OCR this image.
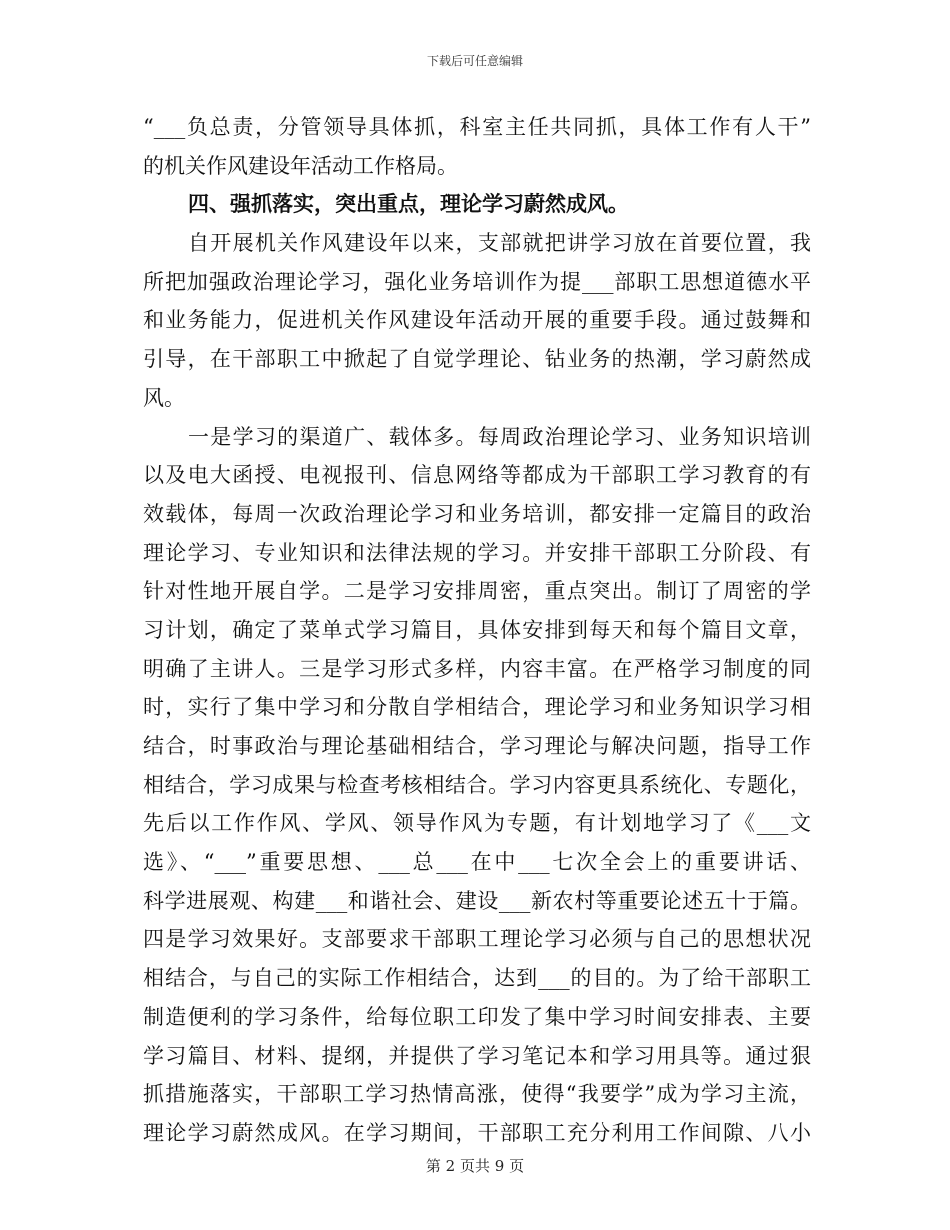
下载后可任意编辑
“___负总责，分管领导具体抓，科室主任共同抓，具体工作有人干”
的机关作风建设年活动工作格局。
四、强抓落实，突出重点，理论学习蔚然成风。
自开展机关作风建设年以来，支部就把讲学习放在首要位置，我
所把加强政治理论学习，强化业务培训作为提___部职工思想道德水平
和业务能力，促进机关作风建设年活动开展的重要手段。通过鼓舞和
引导，在干部职工中掀起了自觉学理论、钻业务的热潮，学习蔚然成
风。
一是学习的渠道广、载体多。每周政治理论学习、业务知识培训
以及电大函授、电视报刊、信息网络等都成为干部职工学习教育的有
效载体，每周一次政治理论学习和业务培训，都安排一定篇目的政治
理论学习、专业知识和法律法规的学习。并安排干部职工分阶段、有
针对性地开展自学。二是学习安排周密，重点突出。制订了周密的学
习计划，确定了菜单式学习篇目，具体安排到每天和每个篇目文章，
明确了主讲人。三是学习形式多样，内容丰富。在严格学习制度的同
时，实行了集中学习和分散自学相结合，理论学习和业务知识学习相
结合，时事政治与理论基础相结合，学习理论与解决问题，指导工作
相结合，学习成果与检查考核相结合。学习内容更具系统化、专题化，
先后以工作作风、学风、领导作风为专题，有计划地学习了《___文
选》、“___”重要思想、___总___在中___七次全会上的重要讲话、
科学进展观、构建___和谐社会、建设___新农村等重要论述五十于篇。
四是学习效果好。支部要求干部职工理论学习必须与自己的思想状况
相结合，与自己的实际工作相结合，达到___的目的。为了给干部职工
制造便利的学习条件，给每位职工印发了集中学习时间安排表、主要
学习篇目、材料、提纲，并提供了学习笔记本和学习用具等。通过狠
抓措施落实，干部职工学习热情高涨，使得“我要学”成为学习主流，
理论学习蔚然成风。在学习期间，干部职工充分利用工作间隙、八小
第 2 页共 9 页
